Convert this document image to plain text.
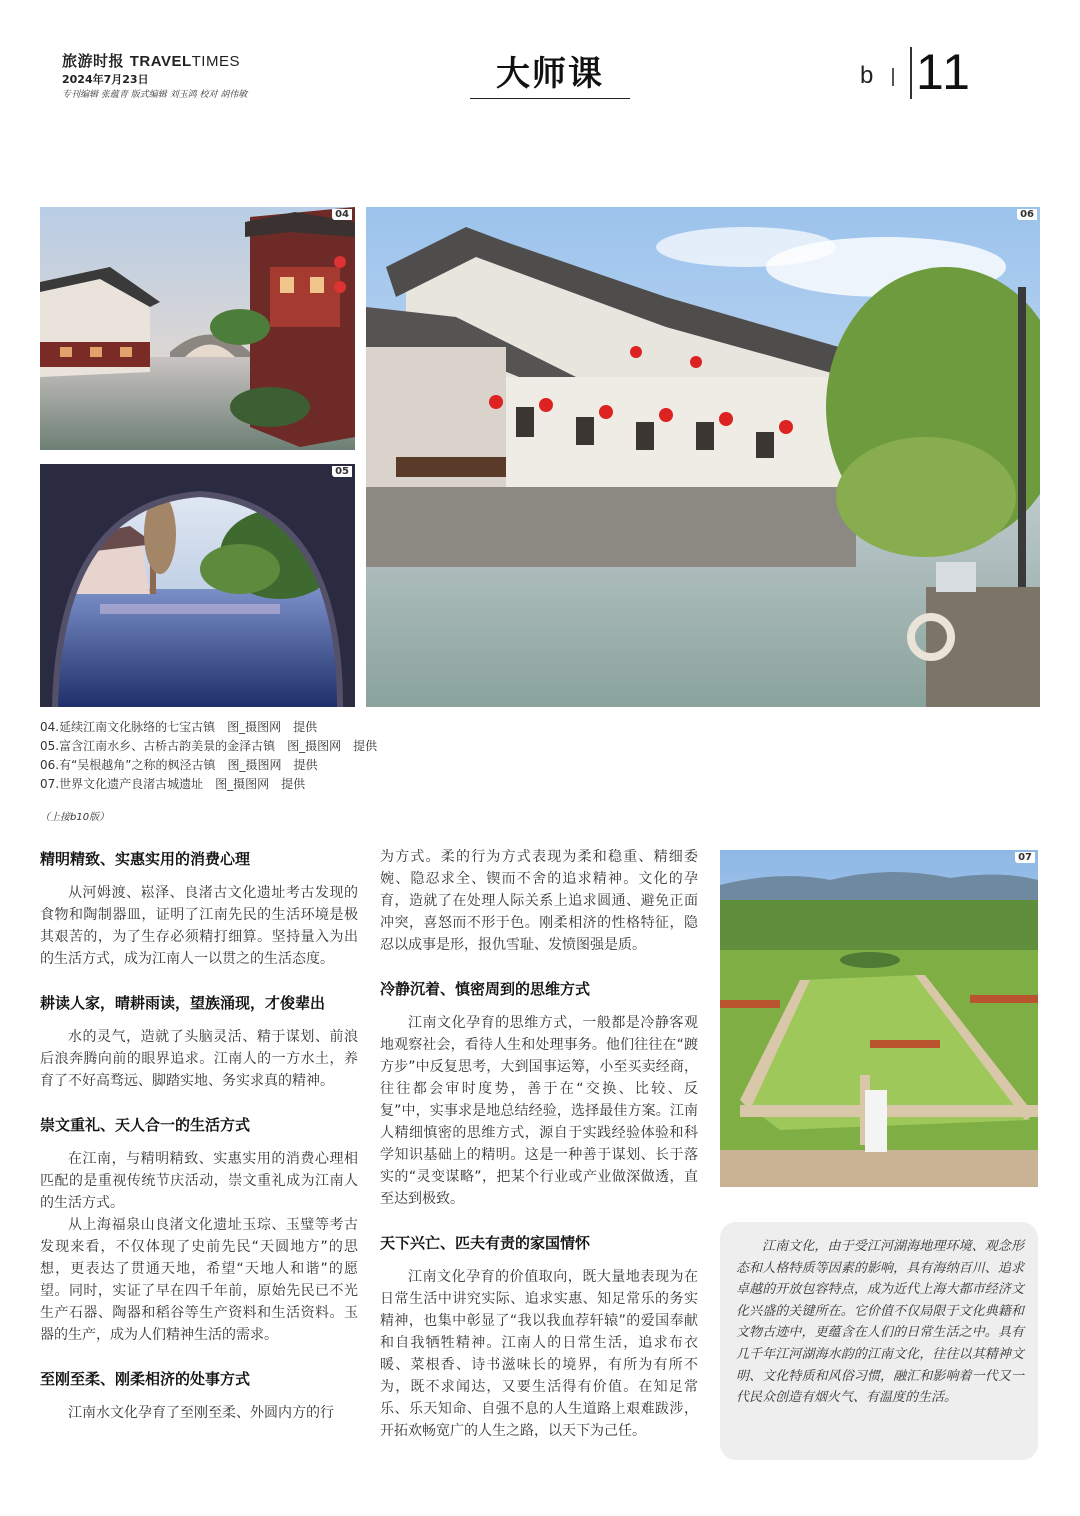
旅游时报 TRAVELTIMES
2024年7月23日
专刊编辑 张蕴青 版式编辑 刘玉鸿 校对 胡伟敏
大师课	b 11
04
05
06
04.延续江南文化脉络的七宝古镇　图_摄图网　提供
05.富含江南水乡、古桥古韵美景的金泽古镇　图_摄图网　提供
06.有“吴根越角”之称的枫泾古镇　图_摄图网　提供
07.世界文化遗产良渚古城遗址　图_摄图网　提供
（上接b10版）
精明精致、实惠实用的消费心理

从河姆渡、崧泽、良渚古文化遗址考古发现的食物和陶制器皿，证明了江南先民的生活环境是极其艰苦的，为了生存必须精打细算。坚持量入为出的生活方式，成为江南人一以贯之的生活态度。

耕读人家，晴耕雨读，望族涌现，才俊辈出

水的灵气，造就了头脑灵活、精于谋划、前浪后浪奔腾向前的眼界追求。江南人的一方水土，养育了不好高骛远、脚踏实地、务实求真的精神。

崇文重礼、天人合一的生活方式

在江南，与精明精致、实惠实用的消费心理相匹配的是重视传统节庆活动，崇文重礼成为江南人的生活方式。

从上海福泉山良渚文化遗址玉琮、玉璧等考古发现来看，不仅体现了史前先民“天圆地方”的思想，更表达了贯通天地，希望“天地人和谐”的愿望。同时，实证了早在四千年前，原始先民已不光生产石器、陶器和稻谷等生产资料和生活资料。玉器的生产，成为人们精神生活的需求。

至刚至柔、刚柔相济的处事方式

江南水文化孕育了至刚至柔、外圆内方的行

为方式。柔的行为方式表现为柔和稳重、精细委婉、隐忍求全、锲而不舍的追求精神。文化的孕育，造就了在处理人际关系上追求圆通、避免正面冲突，喜怒而不形于色。刚柔相济的性格特征，隐忍以成事是形，报仇雪耻、发愤图强是质。

冷静沉着、慎密周到的思维方式

江南文化孕育的思维方式，一般都是冷静客观地观察社会，看待人生和处理事务。他们往往在“踱方步”中反复思考，大到国事运筹，小至买卖经商，往往都会审时度势，善于在“交换、比较、反复”中，实事求是地总结经验，选择最佳方案。江南人精细慎密的思维方式，源自于实践经验体验和科学知识基础上的精明。这是一种善于谋划、长于落实的“灵变谋略”，把某个行业或产业做深做透，直至达到极致。

天下兴亡、匹夫有责的家国情怀

江南文化孕育的价值取向，既大量地表现为在日常生活中讲究实际、追求实惠、知足常乐的务实精神，也集中彰显了“我以我血荐轩辕”的爱国奉献和自我牺牲精神。江南人的日常生活，追求布衣暖、菜根香、诗书滋味长的境界，有所为有所不为，既不求闻达，又要生活得有价值。在知足常乐、乐天知命、自强不息的人生道路上艰难跋涉，开拓欢畅宽广的人生之路，以天下为己任。

07
江南文化，由于受江河湖海地理环境、观念形态和人格特质等因素的影响，具有海纳百川、追求卓越的开放包容特点，成为近代上海大都市经济文化兴盛的关键所在。它价值不仅局限于文化典籍和文物古迹中，更蕴含在人们的日常生活之中。具有几千年江河湖海水韵的江南文化，往往以其精神文明、文化特质和风俗习惯，融汇和影响着一代又一代民众创造有烟火气、有温度的生活。
